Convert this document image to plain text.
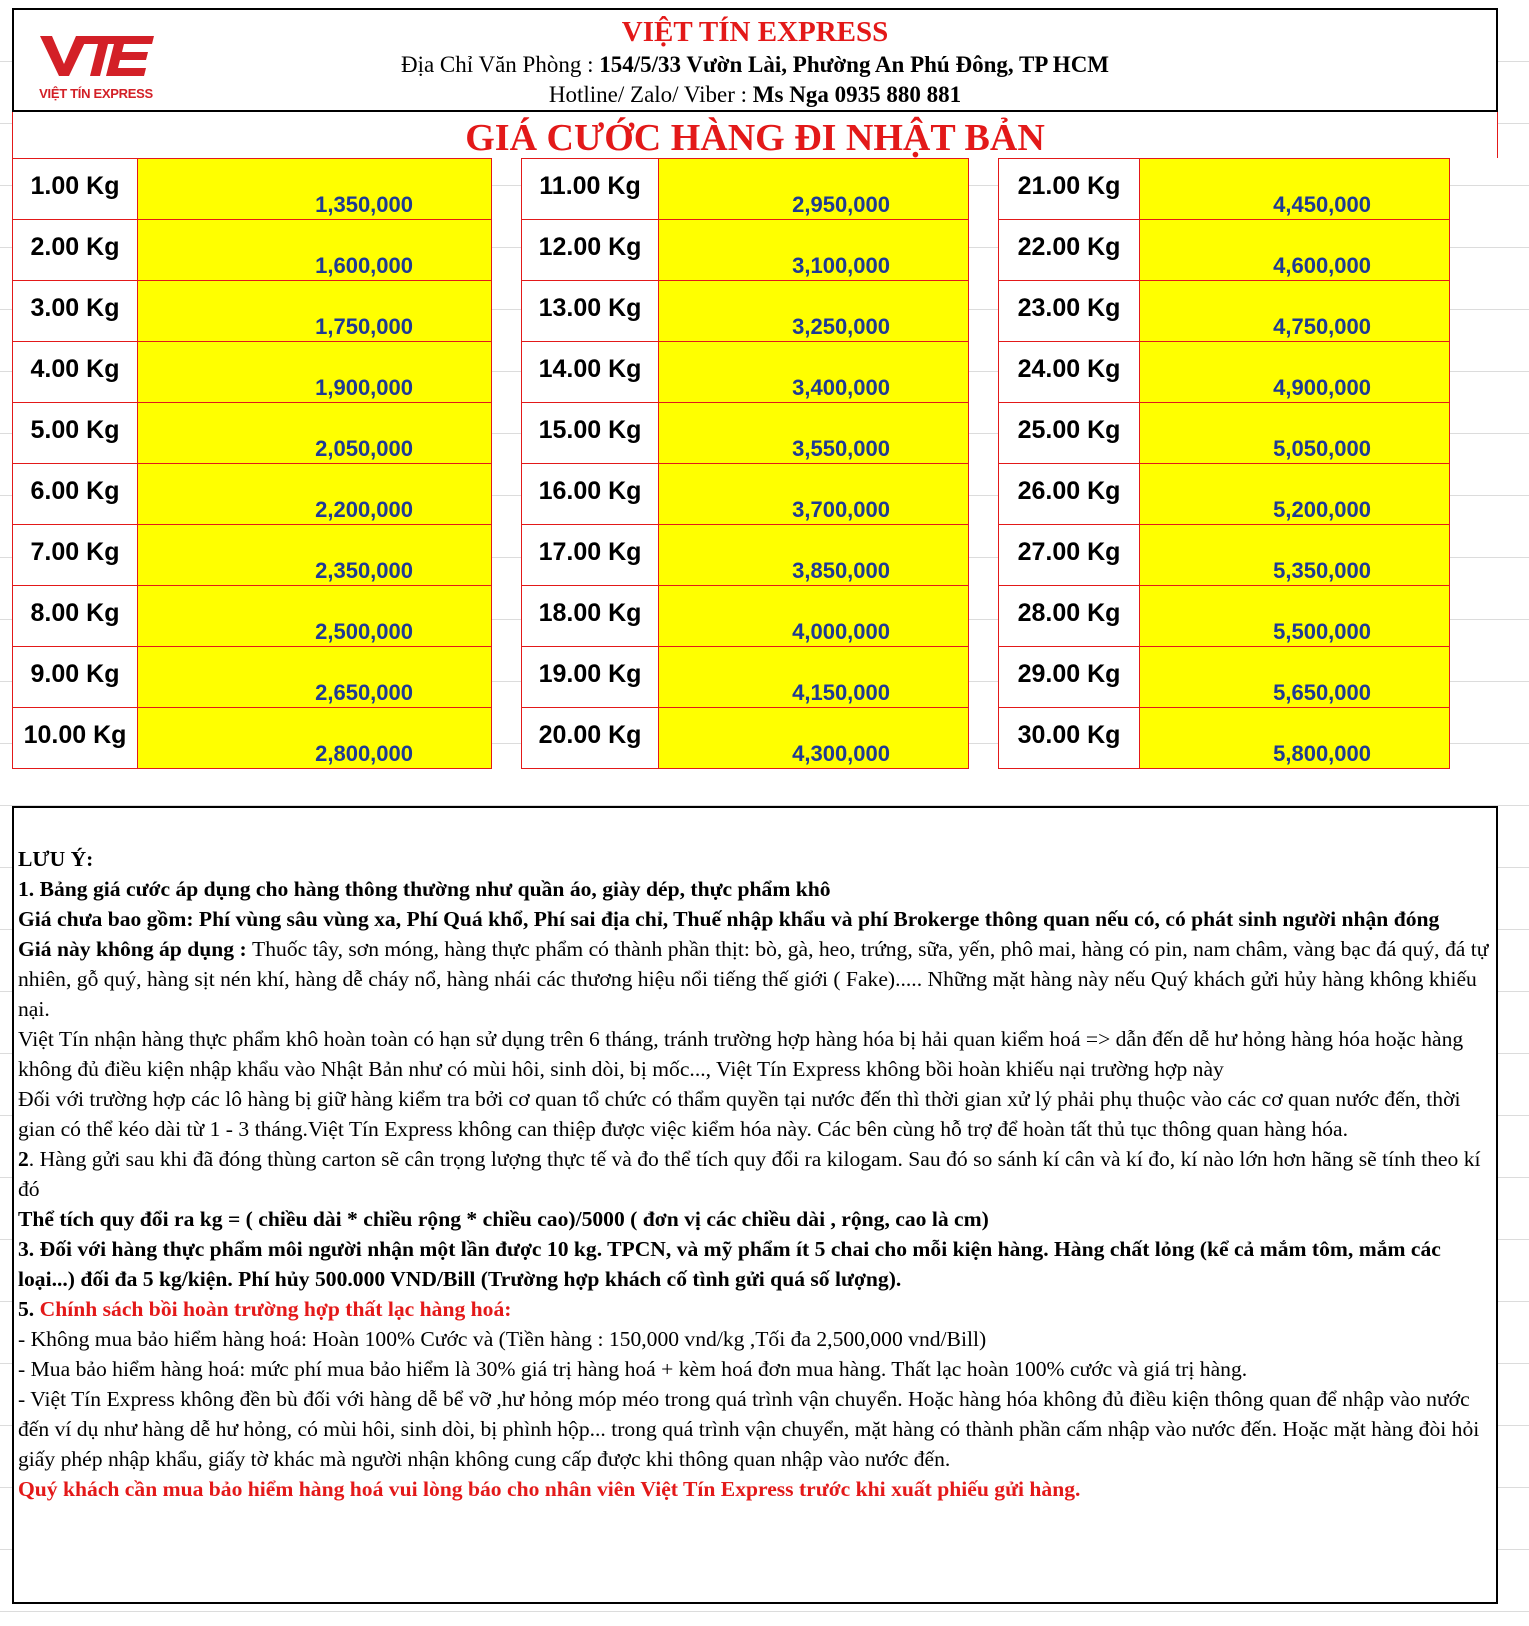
VIỆT TÍN EXPRESS
VIỆT TÍN EXPRESS
Địa Chỉ Văn Phòng : 154/5/33 Vườn Lài, Phường An Phú Đông, TP HCM
Hotline/ Zalo/ Viber : Ms Nga 0935 880 881
GIÁ CƯỚC HÀNG ĐI NHẬT BẢN
1.00 Kg	1,350,000
2.00 Kg	1,600,000
3.00 Kg	1,750,000
4.00 Kg	1,900,000
5.00 Kg	2,050,000
6.00 Kg	2,200,000
7.00 Kg	2,350,000
8.00 Kg	2,500,000
9.00 Kg	2,650,000
10.00 Kg	2,800,000
11.00 Kg	2,950,000
12.00 Kg	3,100,000
13.00 Kg	3,250,000
14.00 Kg	3,400,000
15.00 Kg	3,550,000
16.00 Kg	3,700,000
17.00 Kg	3,850,000
18.00 Kg	4,000,000
19.00 Kg	4,150,000
20.00 Kg	4,300,000
21.00 Kg	4,450,000
22.00 Kg	4,600,000
23.00 Kg	4,750,000
24.00 Kg	4,900,000
25.00 Kg	5,050,000
26.00 Kg	5,200,000
27.00 Kg	5,350,000
28.00 Kg	5,500,000
29.00 Kg	5,650,000
30.00 Kg	5,800,000

LƯU Ý:

1. Bảng giá cước áp dụng cho hàng thông thường như quần áo, giày dép, thực phẩm khô

Giá chưa bao gồm: Phí vùng sâu vùng xa, Phí Quá khổ, Phí sai địa chỉ, Thuế nhập khẩu và phí Brokerge thông quan nếu có, có phát sinh người nhận đóng

Giá này không áp dụng : Thuốc tây, sơn móng, hàng thực phẩm có thành phần thịt: bò, gà, heo, trứng, sữa, yến, phô mai, hàng có pin, nam châm, vàng bạc đá quý, đá tự nhiên, gỗ quý, hàng sịt nén khí, hàng dễ cháy nổ, hàng nhái các thương hiệu nổi tiếng thế giới ( Fake)..... Những mặt hàng này nếu Quý khách gửi hủy hàng không khiếu nại.

Việt Tín nhận hàng thực phẩm khô hoàn toàn có hạn sử dụng trên 6 tháng, tránh trường hợp hàng hóa bị hải quan kiểm hoá => dẫn đến dễ hư hỏng hàng hóa hoặc hàng không đủ điều kiện nhập khẩu vào Nhật Bản như có mùi hôi, sinh dòi, bị mốc..., Việt Tín Express không bồi hoàn khiếu nại trường hợp này

Đối với trường hợp các lô hàng bị giữ hàng kiểm tra bởi cơ quan tổ chức có thẩm quyền tại nước đến thì thời gian xử lý phải phụ thuộc vào các cơ quan nước đến, thời gian có thể kéo dài từ 1 - 3 tháng.Việt Tín Express không can thiệp được việc kiểm hóa này. Các bên cùng hỗ trợ để hoàn tất thủ tục thông quan hàng hóa.

2. Hàng gửi sau khi đã đóng thùng carton sẽ cân trọng lượng thực tế và đo thể tích quy đổi ra kilogam. Sau đó so sánh kí cân và kí đo, kí nào lớn hơn hãng sẽ tính theo kí đó

Thể tích quy đổi ra kg = ( chiều dài * chiều rộng * chiều cao)/5000 ( đơn vị các chiều dài , rộng, cao là cm)

3. Đối với hàng thực phẩm môi người nhận một lần được 10 kg. TPCN, và mỹ phẩm ít 5 chai cho mỗi kiện hàng. Hàng chất lỏng (kể cả mắm tôm, mắm các loại...) đối đa 5 kg/kiện. Phí hủy 500.000 VND/Bill (Trường hợp khách cố tình gửi quá số lượng).

5. Chính sách bồi hoàn trường hợp thất lạc hàng hoá:

- Không mua bảo hiểm hàng hoá: Hoàn 100% Cước và (Tiền hàng : 150,000 vnd/kg ,Tối đa 2,500,000 vnd/Bill)

- Mua bảo hiểm hàng hoá: mức phí mua bảo hiểm là 30% giá trị hàng hoá + kèm hoá đơn mua hàng. Thất lạc hoàn 100% cước và giá trị hàng.

- Việt Tín Express không đền bù đối với hàng dễ bể vỡ ,hư hỏng móp méo trong quá trình vận chuyển. Hoặc hàng hóa không đủ điều kiện thông quan để nhập vào nước đến ví dụ như hàng dễ hư hỏng, có mùi hôi, sinh dòi, bị phình hộp... trong quá trình vận chuyển, mặt hàng có thành phần cấm nhập vào nước đến. Hoặc mặt hàng đòi hỏi giấy phép nhập khẩu, giấy tờ khác mà người nhận không cung cấp được khi thông quan nhập vào nước đến.

Quý khách cần mua bảo hiểm hàng hoá vui lòng báo cho nhân viên Việt Tín Express trước khi xuất phiếu gửi hàng.
